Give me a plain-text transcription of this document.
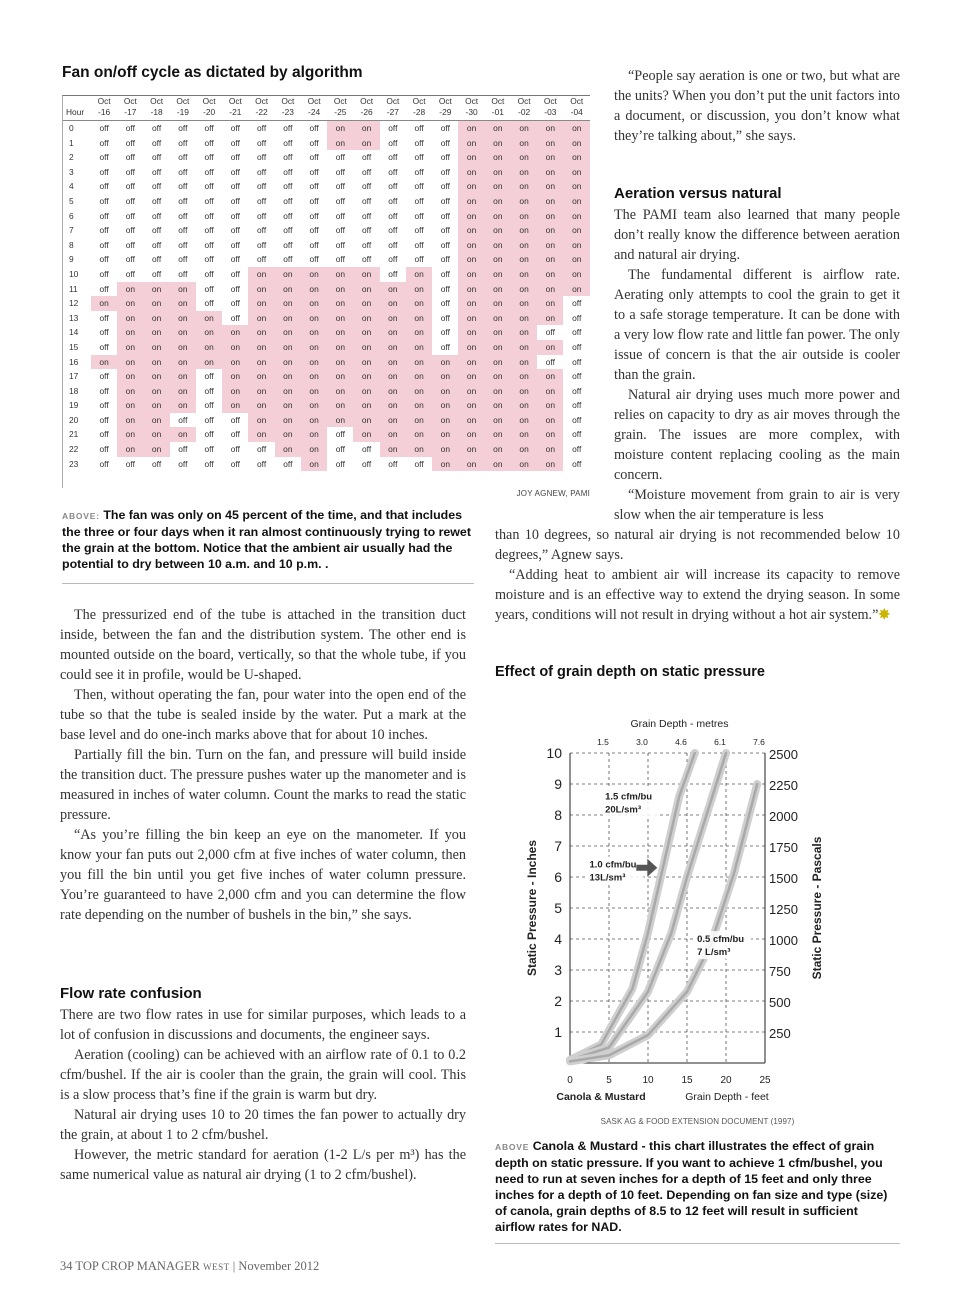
Fan on/off cycle as dictated by algorithm
	Oct	Oct	Oct	Oct	Oct	Oct	Oct	Oct	Oct	Oct	Oct	Oct	Oct	Oct	Oct	Oct	Oct	Oct	Oct
Hour	-16	-17	-18	-19	-20	-21	-22	-23	-24	-25	-26	-27	-28	-29	-30	-01	-02	-03	-04
0	off	off	off	off	off	off	off	off	off	on	on	off	off	off	on	on	on	on	on
1	off	off	off	off	off	off	off	off	off	on	on	off	off	off	on	on	on	on	on
2	off	off	off	off	off	off	off	off	off	off	off	off	off	off	on	on	on	on	on
3	off	off	off	off	off	off	off	off	off	off	off	off	off	off	on	on	on	on	on
4	off	off	off	off	off	off	off	off	off	off	off	off	off	off	on	on	on	on	on
5	off	off	off	off	off	off	off	off	off	off	off	off	off	off	on	on	on	on	on
6	off	off	off	off	off	off	off	off	off	off	off	off	off	off	on	on	on	on	on
7	off	off	off	off	off	off	off	off	off	off	off	off	off	off	on	on	on	on	on
8	off	off	off	off	off	off	off	off	off	off	off	off	off	off	on	on	on	on	on
9	off	off	off	off	off	off	off	off	off	off	off	off	off	off	on	on	on	on	on
10	off	off	off	off	off	off	on	on	on	on	on	off	on	off	on	on	on	on	on
11	off	on	on	on	off	off	on	on	on	on	on	on	on	off	on	on	on	on	on
12	on	on	on	on	off	off	on	on	on	on	on	on	on	off	on	on	on	on	off
13	off	on	on	on	on	off	on	on	on	on	on	on	on	off	on	on	on	on	off
14	off	on	on	on	on	on	on	on	on	on	on	on	on	off	on	on	on	off	off
15	off	on	on	on	on	on	on	on	on	on	on	on	on	off	on	on	on	on	off
16	on	on	on	on	on	on	on	on	on	on	on	on	on	on	on	on	on	off	off
17	off	on	on	on	off	on	on	on	on	on	on	on	on	on	on	on	on	on	off
18	off	on	on	on	off	on	on	on	on	on	on	on	on	on	on	on	on	on	off
19	off	on	on	on	off	on	on	on	on	on	on	on	on	on	on	on	on	on	off
20	off	on	on	off	off	off	on	on	on	on	on	on	on	on	on	on	on	on	off
21	off	on	on	on	off	off	on	on	on	off	on	on	on	on	on	on	on	on	off
22	off	on	on	off	off	off	off	on	on	off	off	on	on	on	on	on	on	on	off
23	off	off	off	off	off	off	off	off	on	off	off	off	off	on	on	on	on	on	off
JOY AGNEW, PAMI
ABOVE: The fan was only on 45 percent of the time, and that includes the three or four days when it ran almost continuously trying to rewet the grain at the bottom. Notice that the ambient air usually had the potential to dry between 10 a.m. and 10 p.m. .

The pressurized end of the tube is attached in the transition duct inside, between the fan and the distribution system. The other end is mounted outside on the board, vertically, so that the whole tube, if you could see it in profile, would be U-shaped.

Then, without operating the fan, pour water into the open end of the tube so that the tube is sealed inside by the water. Put a mark at the base level and do one-inch marks above that for about 10 inches.

Partially fill the bin. Turn on the fan, and pressure will build inside the transition duct. The pressure pushes water up the manometer and is measured in inches of water column. Count the marks to read the static pressure.

“As you’re filling the bin keep an eye on the manometer. If you know your fan puts out 2,000 cfm at five inches of water column, then you fill the bin until you get five inches of water column pressure. You’re guaranteed to have 2,000 cfm and you can determine the flow rate depending on the number of bushels in the bin,” she says.

Flow rate confusion

There are two flow rates in use for similar purposes, which leads to a lot of confusion in discussions and documents, the engineer says.

Aeration (cooling) can be achieved with an airflow rate of 0.1 to 0.2 cfm/bushel. If the air is cooler than the grain, the grain will cool. This is a slow process that’s fine if the grain is warm but dry.

Natural air drying uses 10 to 20 times the fan power to actually dry the grain, at about 1 to 2 cfm/bushel.

However, the metric standard for aeration (1-2 L/s per m³) has the same numerical value as natural air drying (1 to 2 cfm/bushel).

“People say aeration is one or two, but what are the units? When you don’t put the unit factors into a document, or discussion, you don’t know what they’re talking about,” she says.

Aeration versus natural

The PAMI team also learned that many people don’t really know the difference between aeration and natural air drying.

The fundamental different is airflow rate. Aerating only attempts to cool the grain to get it to a safe storage temperature. It can be done with a very low flow rate and little fan power. The only issue of concern is that the air outside is cooler than the grain.

Natural air drying uses much more power and relies on capacity to dry as air moves through the grain. The issues are more complex, with moisture content replacing cooling as the main concern.

“Moisture movement from grain to air is very slow when the air temperature is less

than 10 degrees, so natural air drying is not recommended below 10 degrees,” Agnew says.

“Adding heat to ambient air will increase its capacity to remove moisture and is an effective way to extend the drying season. In some years, conditions will not result in drying without a hot air system.”✸

Effect of grain depth on static pressure
1
2
3
4
5
6
7
8
9
10
250
500
750
1000
1250
1500
1750
2000
2250
2500
0	5	10	15	20	25
1.5	3.0	4.6	6.1	7.6
Grain Depth - metres
Static Pressure - Inches	Static Pressure - Pascals
Canola & Mustard	Grain Depth - feet
1.5 cfm/bu
20L/sm³
1.0 cfm/bu
13L/sm³
0.5 cfm/bu
7 L/sm³
SASK AG & FOOD EXTENSION DOCUMENT (1997)
ABOVE Canola & Mustard - this chart illustrates the effect of grain depth on static pressure. If you want to achieve 1 cfm/bushel, you need to run at seven inches for a depth of 15 feet and only three inches for a depth of 10 feet. Depending on fan size and type (size) of canola, grain depths of 8.5 to 12 feet will result in sufficient airflow rates for NAD.
34 TOP CROP MANAGER WEST | November 2012
